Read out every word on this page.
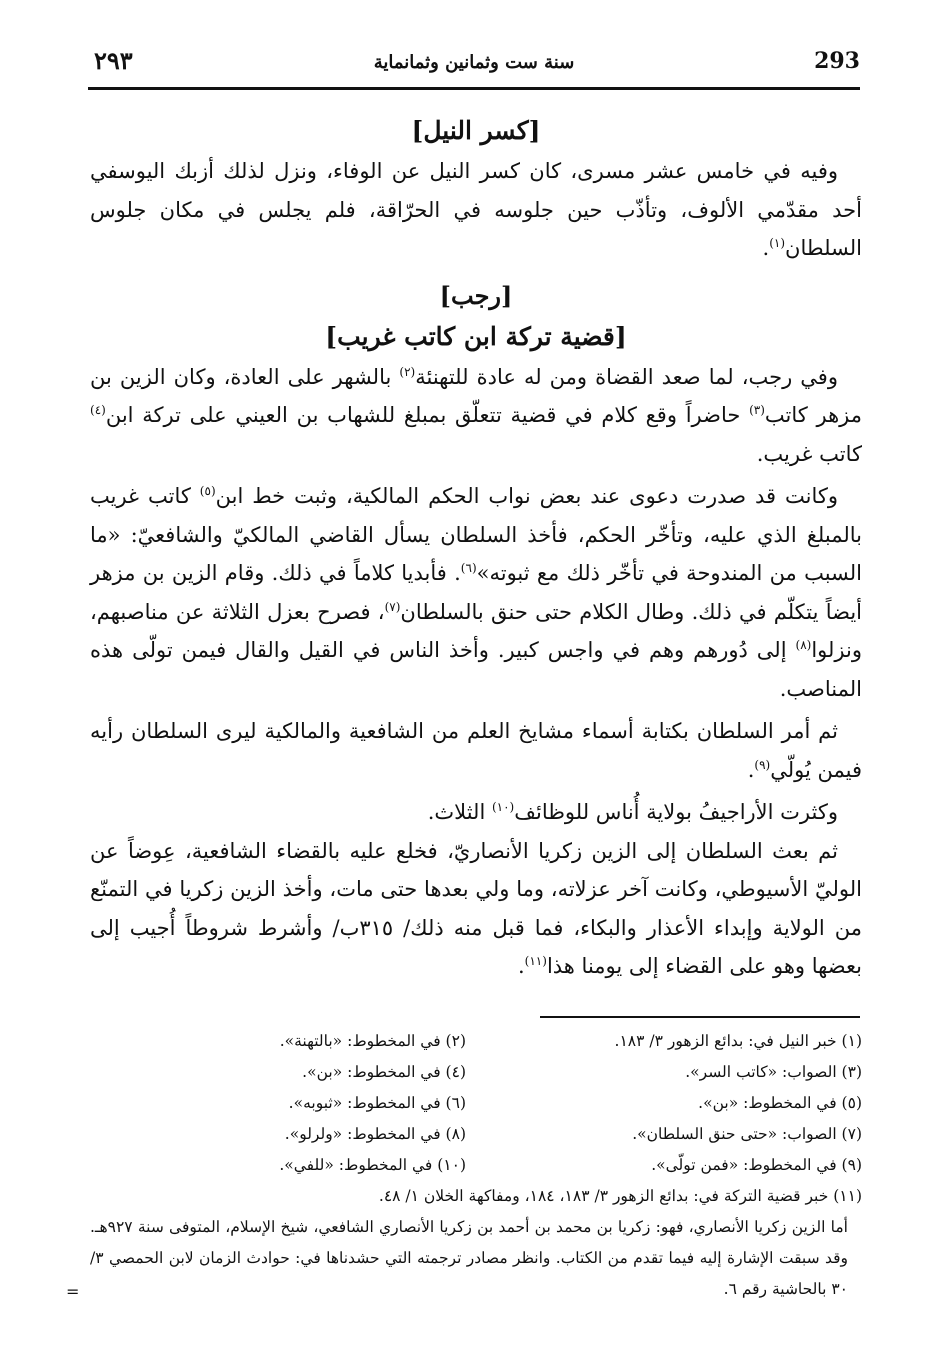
293
سنة ست وثمانين وثمانماية
٢٩٣
[كسر النيل]

وفيه في خامس عشر مسرى، كان كسر النيل عن الوفاء، ونزل لذلك أزبك اليوسفي أحد مقدّمي الألوف، وتأذّب حين جلوسه في الحرّاقة، فلم يجلس في مكان جلوس السلطان$^{(١)}$.

[رجب]
[قضية تركة ابن كاتب غريب]

وفي رجب، لما صعد القضاة ومن له عادة للتهنئة$^{(٢)}$ بالشهر على العادة، وكان الزين بن مزهر كاتب$^{(٣)}$ حاضراً وقع كلام في قضية تتعلّق بمبلغ للشهاب بن العيني على تركة ابن$^{(٤)}$ كاتب غريب.

وكانت قد صدرت دعوى عند بعض نواب الحكم المالكية، وثبت خط ابن$^{(٥)}$ كاتب غريب بالمبلغ الذي عليه، وتأخّر الحكم، فأخذ السلطان يسأل القاضي المالكيّ والشافعيّ: «ما السبب من المندوحة في تأخّر ذلك مع ثبوته»$^{(٦)}$. فأبديا كلاماً في ذلك. وقام الزين بن مزهر أيضاً يتكلّم في ذلك. وطال الكلام حتى حنق بالسلطان$^{(٧)}$، فصرح بعزل الثلاثة عن مناصبهم، ونزلوا$^{(٨)}$ إلى دُورهم وهم في واجس كبير. وأخذ الناس في القيل والقال فيمن تولّى هذه المناصب.

ثم أمر السلطان بكتابة أسماء مشايخ العلم من الشافعية والمالكية ليرى السلطان رأيه فيمن يُولّي$^{(٩)}$.

وكثرت الأراجيفُ بولاية أُناس للوظائف$^{(١٠)}$ الثلاث.

ثم بعث السلطان إلى الزين زكريا الأنصاريّ، فخلع عليه بالقضاء الشافعية، عِوضاً عن الوليّ الأسيوطي، وكانت آخر عزلاته، وما ولي بعدها حتى مات، وأخذ الزين زكريا في التمنّع من الولاية وإبداء الأعذار والبكاء، فما قبل منه ذلك/ ٣١٥ب/ وأشرط شروطاً أُجيب إلى بعضها وهو على القضاء إلى يومنا هذا$^{(١١)}$.

(١) خبر النيل في: بدائع الزهور ٣/ ١٨٣.
(٢) في المخطوط: «بالتهنة».
(٣) الصواب: «كاتب السر».
(٤) في المخطوط: «بن».
(٥) في المخطوط: «بن».
(٦) في المخطوط: «ثبوبه».
(٧) الصواب: «حتى حنق السلطان».
(٨) في المخطوط: «ولرلو».
(٩) في المخطوط: «فمن تولّى».
(١٠) في المخطوط: «للفي».
(١١) خبر قضية التركة في: بدائع الزهور ٣/ ١٨٣، ١٨٤، ومفاكهة الخلان ١/ ٤٨.
أما الزين زكريا الأنصاري، فهو: زكريا بن محمد بن أحمد بن زكريا الأنصاري الشافعي، شيخ الإسلام، المتوفى سنة ٩٢٧هـ. وقد سبقت الإشارة إليه فيما تقدم من الكتاب. وانظر مصادر ترجمته التي حشدناها في: حوادث الزمان لابن الحمصي ٣/ ٣٠ بالحاشية رقم ٦.
=
